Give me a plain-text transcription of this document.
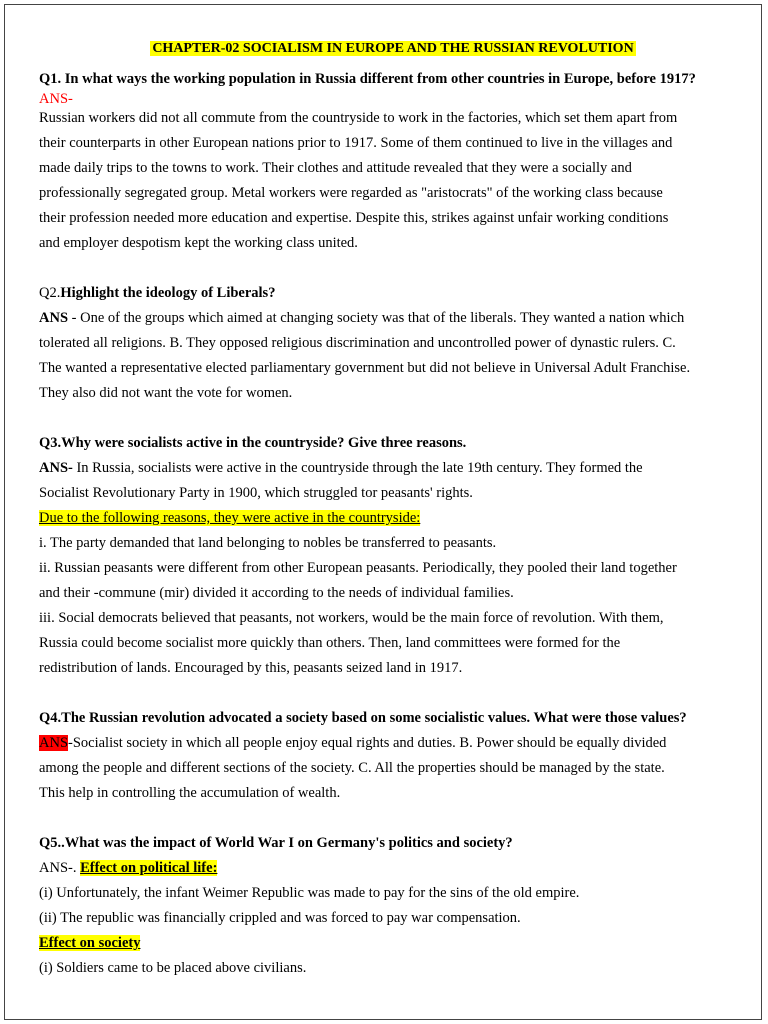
CHAPTER-02 SOCIALISM IN EUROPE AND THE RUSSIAN REVOLUTION

Q1. In what ways the working population in Russia different from other countries in Europe, before 1917?

ANS-

Russian workers did not all commute from the countryside to work in the factories, which set them apart from

their counterparts in other European nations prior to 1917. Some of them continued to live in the villages and

made daily trips to the towns to work. Their clothes and attitude revealed that they were a socially and

professionally segregated group. Metal workers were regarded as "aristocrats" of the working class because

their profession needed more education and expertise. Despite this, strikes against unfair working conditions

and employer despotism kept the working class united.

Q2.Highlight the ideology of Liberals?

ANS - One of the groups which aimed at changing society was that of the liberals. They wanted a nation which

tolerated all religions. B. They opposed religious discrimination and uncontrolled power of dynastic rulers. C.

The wanted a representative elected parliamentary government but did not believe in Universal Adult Franchise.

They also did not want the vote for women.

Q3.Why were socialists active in the countryside? Give three reasons.

ANS- In Russia, socialists were active in the countryside through the late 19th century. They formed the

Socialist Revolutionary Party in 1900, which struggled tor peasants' rights.

Due to the following reasons, they were active in the countryside:

i. The party demanded that land belonging to nobles be transferred to peasants.

ii. Russian peasants were different from other European peasants. Periodically, they pooled their land together

and their -commune (mir) divided it according to the needs of individual families.

iii. Social democrats believed that peasants, not workers, would be the main force of revolution. With them,

Russia could become socialist more quickly than others. Then, land committees were formed for the

redistribution of lands. Encouraged by this, peasants seized land in 1917.

Q4.The Russian revolution advocated a society based on some socialistic values. What were those values?

ANS-Socialist society in which all people enjoy equal rights and duties. B. Power should be equally divided

among the people and different sections of the society. C. All the properties should be managed by the state.

This help in controlling the accumulation of wealth.

Q5..What was the impact of World War I on Germany's politics and society?

ANS-. Effect on political life:

(i) Unfortunately, the infant Weimer Republic was made to pay for the sins of the old empire.

(ii) The republic was financially crippled and was forced to pay war compensation.

Effect on society

(i) Soldiers came to be placed above civilians.
